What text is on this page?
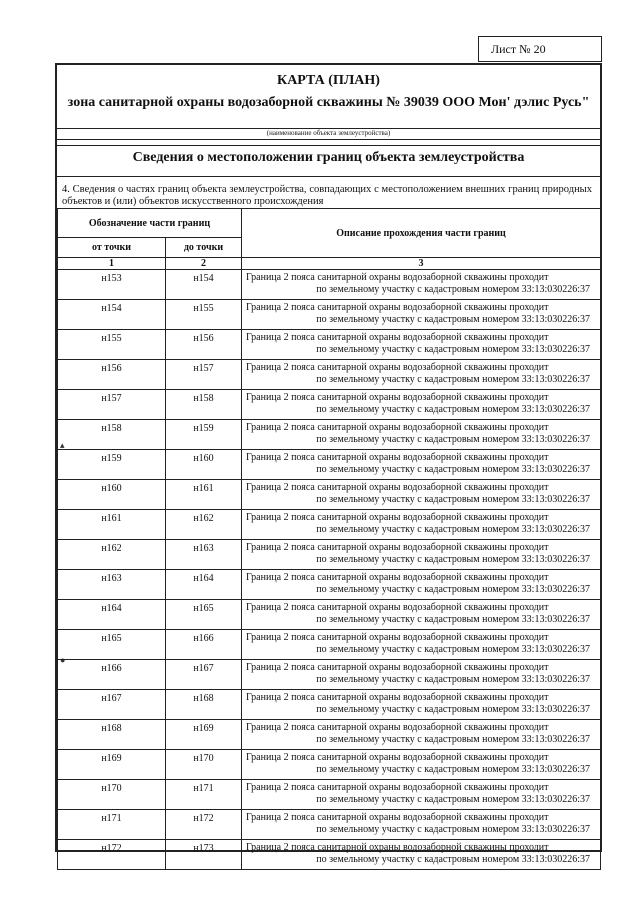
Лист № 20
▴
●
КАРТА (ПЛАН)
зона санитарной охраны водозаборной скважины № 39039 ООО Мон' дэлис Русь"
(наименование объекта землеустройства)
Сведения о местоположении границ объекта землеустройства
4. Сведения о частях границ объекта землеустройства, совпадающих с местоположением внешних границ природных объектов и (или) объектов искусственного происхождения
Обозначение части границ		Описание прохождения части границ
от точки	до точки	
1	2	3
н153	н154	Граница 2 пояса санитарной охраны водозаборной скважины проходит
по земельному участку с кадастровым номером 33:13:030226:37

н154	н155	Граница 2 пояса санитарной охраны водозаборной скважины проходит
по земельному участку с кадастровым номером 33:13:030226:37

н155	н156	Граница 2 пояса санитарной охраны водозаборной скважины проходит
по земельному участку с кадастровым номером 33:13:030226:37

н156	н157	Граница 2 пояса санитарной охраны водозаборной скважины проходит
по земельному участку с кадастровым номером 33:13:030226:37

н157	н158	Граница 2 пояса санитарной охраны водозаборной скважины проходит
по земельному участку с кадастровым номером 33:13:030226:37

н158	н159	Граница 2 пояса санитарной охраны водозаборной скважины проходит
по земельному участку с кадастровым номером 33:13:030226:37

н159	н160	Граница 2 пояса санитарной охраны водозаборной скважины проходит
по земельному участку с кадастровым номером 33:13:030226:37

н160	н161	Граница 2 пояса санитарной охраны водозаборной скважины проходит
по земельному участку с кадастровым номером 33:13:030226:37

н161	н162	Граница 2 пояса санитарной охраны водозаборной скважины проходит
по земельному участку с кадастровым номером 33:13:030226:37

н162	н163	Граница 2 пояса санитарной охраны водозаборной скважины проходит
по земельному участку с кадастровым номером 33:13:030226:37

н163	н164	Граница 2 пояса санитарной охраны водозаборной скважины проходит
по земельному участку с кадастровым номером 33:13:030226:37

н164	н165	Граница 2 пояса санитарной охраны водозаборной скважины проходит
по земельному участку с кадастровым номером 33:13:030226:37

н165	н166	Граница 2 пояса санитарной охраны водозаборной скважины проходит
по земельному участку с кадастровым номером 33:13:030226:37

н166	н167	Граница 2 пояса санитарной охраны водозаборной скважины проходит
по земельному участку с кадастровым номером 33:13:030226:37

н167	н168	Граница 2 пояса санитарной охраны водозаборной скважины проходит
по земельному участку с кадастровым номером 33:13:030226:37

н168	н169	Граница 2 пояса санитарной охраны водозаборной скважины проходит
по земельному участку с кадастровым номером 33:13:030226:37

н169	н170	Граница 2 пояса санитарной охраны водозаборной скважины проходит
по земельному участку с кадастровым номером 33:13:030226:37

н170	н171	Граница 2 пояса санитарной охраны водозаборной скважины проходит
по земельному участку с кадастровым номером 33:13:030226:37

н171	н172	Граница 2 пояса санитарной охраны водозаборной скважины проходит
по земельному участку с кадастровым номером 33:13:030226:37

н172	н173	Граница 2 пояса санитарной охраны водозаборной скважины проходит
по земельному участку с кадастровым номером 33:13:030226:37
